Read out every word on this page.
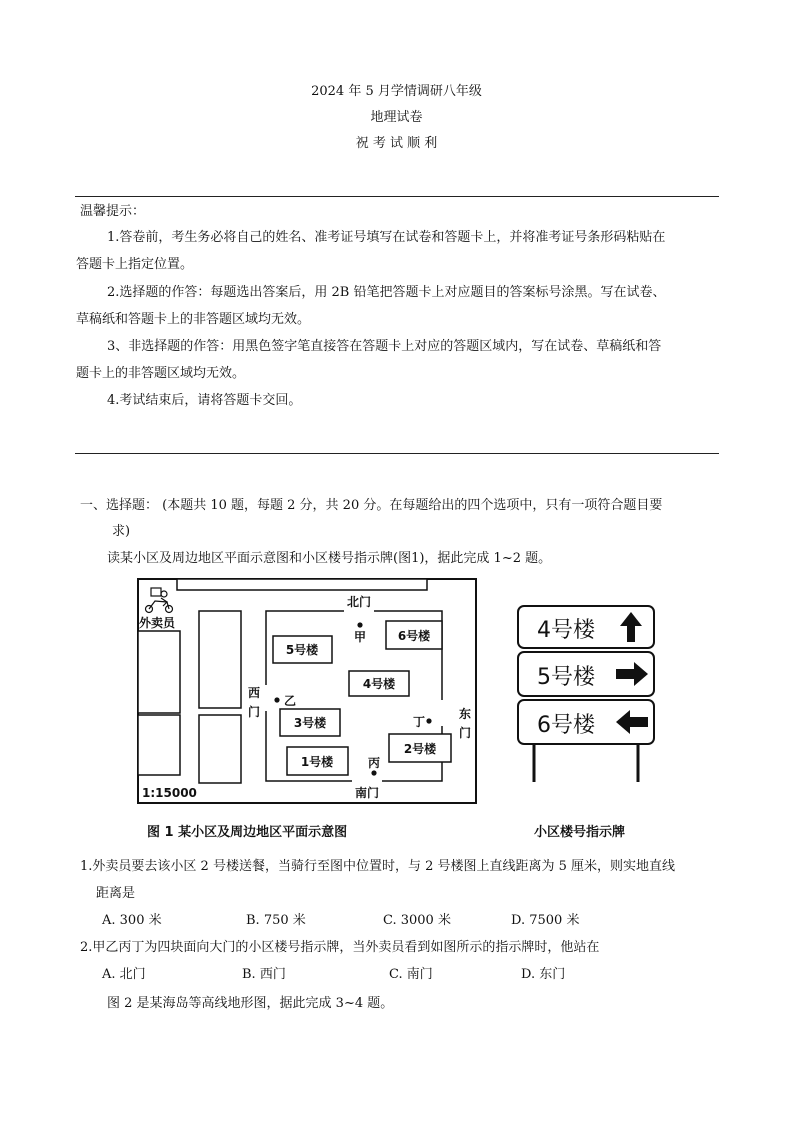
2024 年 5 月学情调研八年级
地理试卷
祝 考 试 顺 利
温馨提示：
1.答卷前，考生务必将自己的姓名、准考证号填写在试卷和答题卡上，并将准考证号条形码粘贴在
答题卡上指定位置。
2.选择题的作答：每题选出答案后，用 2B 铅笔把答题卡上对应题目的答案标号涂黑。写在试卷、
草稿纸和答题卡上的非答题区域均无效。
3、非选择题的作答：用黑色签字笔直接答在答题卡上对应的答题区域内，写在试卷、草稿纸和答
题卡上的非答题区域均无效。
4.考试结束后，请将答题卡交回。
一、选择题： (本题共 10 题，每题 2 分，共 20 分。在每题给出的四个选项中，只有一项符合题目要
求)
读某小区及周边地区平面示意图和小区楼号指示牌(图1)，据此完成 1~2 题。
外卖员
北门
南门
西
门	东
门
甲
乙
丙
丁
5号楼
6号楼
4号楼
3号楼
2号楼
1号楼
1:15000
4号楼
5号楼
6号楼
图 1 某小区及周边地区平面示意图	小区楼号指示牌
1.外卖员要去该小区 2 号楼送餐，当骑行至图中位置时，与 2 号楼图上直线距离为 5 厘米，则实地直线
距离是
A. 300 米	B. 750 米	C. 3000 米	D. 7500 米
2.甲乙丙丁为四块面向大门的小区楼号指示牌，当外卖员看到如图所示的指示牌时，他站在
A. 北门	B. 西门	C. 南门	D. 东门
图 2 是某海岛等高线地形图，据此完成 3~4 题。
